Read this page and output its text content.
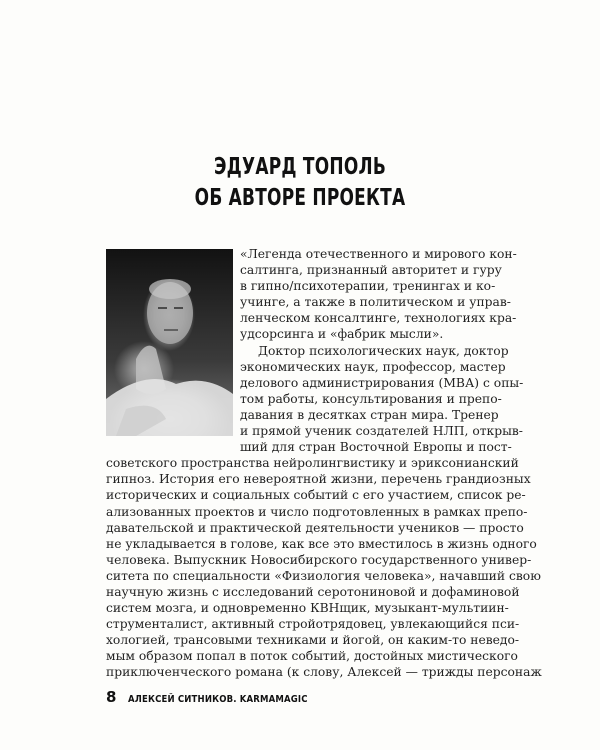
ЭДУАРД ТОПОЛЬ
ОБ АВТОРЕ ПРОЕКТА
«Легенда отечественного и мирового кон-
салтинга, признанный авторитет и гуру
в гипно/психотерапии, тренингах и ко-
учинге, а также в политическом и управ-
ленческом консалтинге, технологиях кра-
удсорсинга и «фабрик мысли».
Доктор психологических наук, доктор
экономических наук, профессор, мастер
делового администрирования (МВА) с опы-
том работы, консультирования и препо-
давания в десятках стран мира. Тренер
и прямой ученик создателей НЛП, открыв-
ший для стран Восточной Европы и пост-
советского пространства нейролингвистику и эриксонианский
гипноз. История его невероятной жизни, перечень грандиозных
исторических и социальных событий с его участием, список ре-
ализованных проектов и число подготовленных в рамках препо-
давательской и практической деятельности учеников — просто
не укладывается в голове, как все это вместилось в жизнь одного
человека. Выпускник Новосибирского государственного универ-
ситета по специальности «Физиология человека», начавший свою
научную жизнь с исследований серотониновой и дофаминовой
систем мозга, и одновременно КВНщик, музыкант-мультиин-
струменталист, активный стройотрядовец, увлекающийся пси-
хологией, трансовыми техниками и йогой, он каким-то неведо-
мым образом попал в поток событий, достойных мистического
приключенческого романа (к слову, Алексей — трижды персонаж
8 АЛЕКСЕЙ СИТНИКОВ. KARMAMAGIC
